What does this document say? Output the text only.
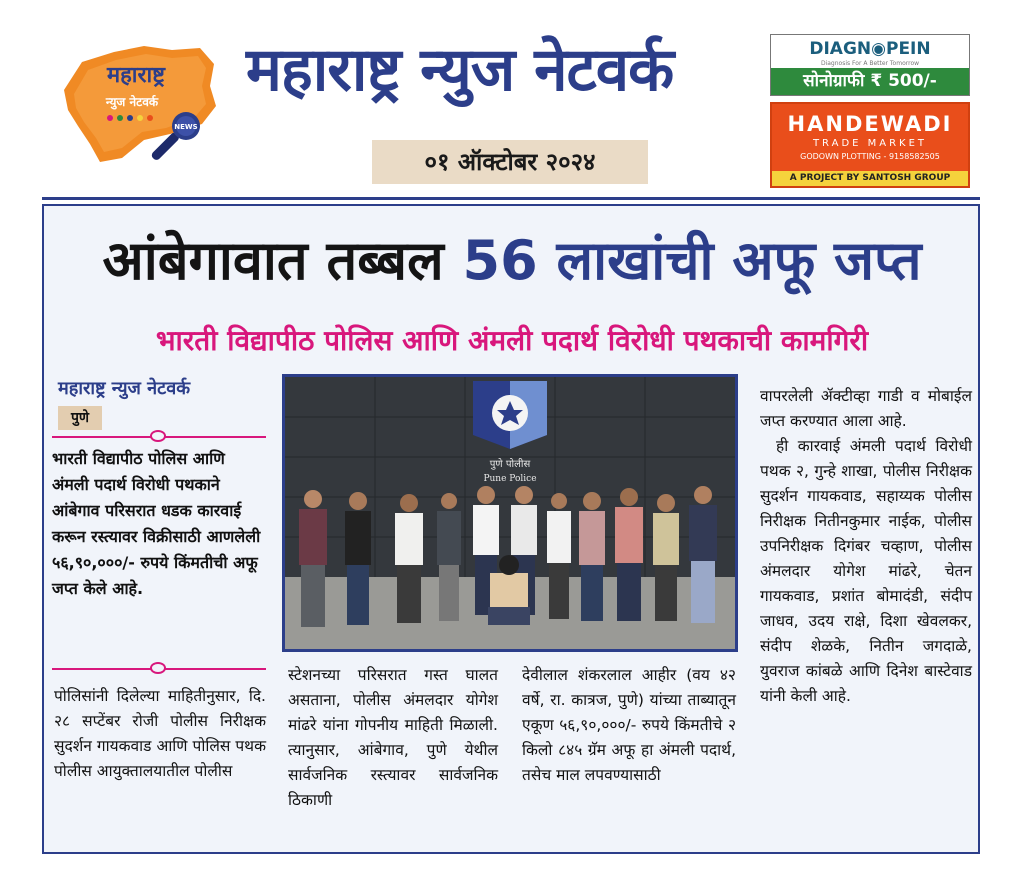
महाराष्ट्र
न्युज नेटवर्क
NEWS
महाराष्ट्र न्युज नेटवर्क
०१ ऑक्टोबर २०२४
DIAGN◉PEIN
Diagnosis For A Better Tomorrow
सोनोग्राफी ₹ 500/-
HANDEWADI
TRADE MARKET
GODOWN PLOTTING - 9158582505
A PROJECT BY SANTOSH GROUP
आंबेगावात तब्बल 56 लाखांची अफू जप्त
भारती विद्यापीठ पोलिस आणि अंमली पदार्थ विरोधी पथकाची कामगिरी
महाराष्ट्र न्युज नेटवर्क
पुणे
भारती विद्यापीठ पोलिस आणि अंमली पदार्थ विरोधी पथकाने आंबेगाव परिसरात धडक कारवाई करून रस्त्यावर विक्रीसाठी आणलेली ५६,९०,०००/- रुपये किंमतीची अफू जप्त केले आहे.
पोलिसांनी दिलेल्या माहितीनुसार, दि. २८ सप्टेंबर रोजी पोलीस निरीक्षक सुदर्शन गायकवाड आणि पोलिस पथक पोलीस आयुक्तालयातील पोलीस
पुणे पोलीस
Pune Police
स्टेशनच्या परिसरात गस्त घालत असताना, पोलीस अंमलदार योगेश मांढरे यांना गोपनीय माहिती मिळाली. त्यानुसार, आंबेगाव, पुणे येथील सार्वजनिक रस्त्यावर सार्वजनिक ठिकाणी
देवीलाल शंकरलाल आहीर (वय ४२ वर्षे, रा. कात्रज, पुणे) यांच्या ताब्यातून एकूण ५६,९०,०००/- रुपये किंमतीचे २ किलो ८४५ ग्रॅम अफू हा अंमली पदार्थ, तसेच माल लपवण्यासाठी
वापरलेली ॲक्टीव्हा गाडी व मोबाईल जप्त करण्यात आला आहे.
ही कारवाई अंमली पदार्थ विरोधी पथक २, गुन्हे शाखा, पोलीस निरीक्षक सुदर्शन गायकवाड, सहाय्यक पोलीस निरीक्षक नितीनकुमार नाईक, पोलीस उपनिरीक्षक दिगंबर चव्हाण, पोलीस अंमलदार योगेश मांढरे, चेतन गायकवाड, प्रशांत बोमादंडी, संदीप जाधव, उदय राक्षे, दिशा खेवलकर, संदीप शेळके, नितीन जगदाळे, युवराज कांबळे आणि दिनेश बास्टेवाड यांनी केली आहे.
